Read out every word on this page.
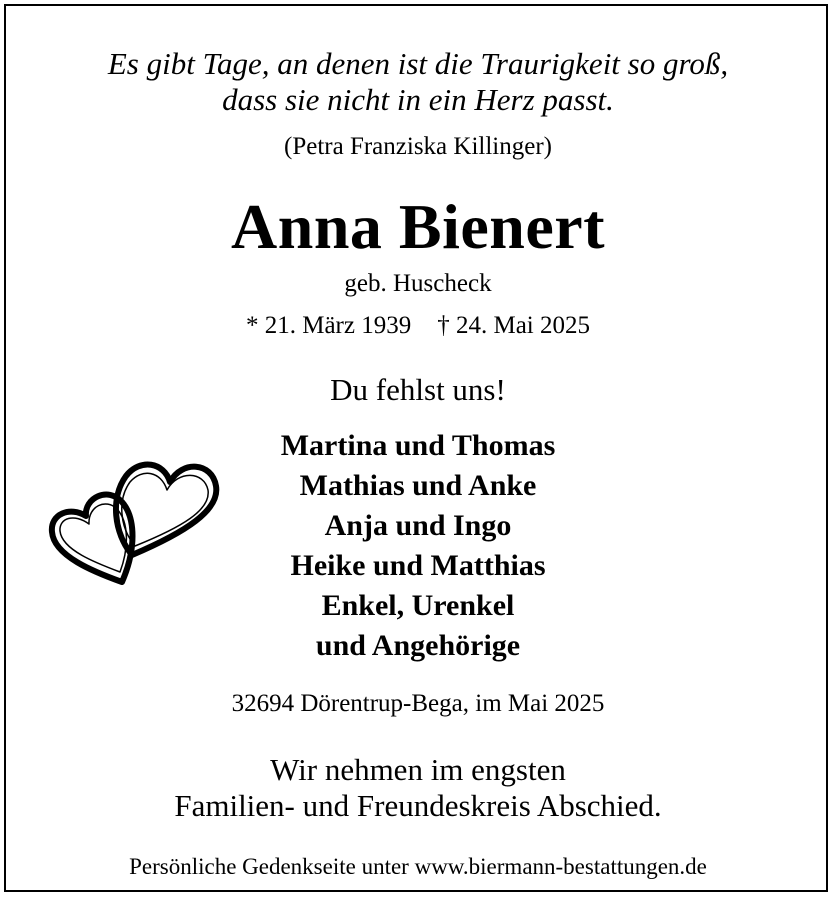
Es gibt Tage, an denen ist die Traurigkeit so groß,
dass sie nicht in ein Herz passt.
(Petra Franziska Killinger)
Anna Bienert
geb. Huscheck
* 21. März 1939 † 24. Mai 2025
Du fehlst uns!
Martina und Thomas
Mathias und Anke
Anja und Ingo
Heike und Matthias
Enkel, Urenkel
und Angehörige
32694 Dörentrup-Bega, im Mai 2025
Wir nehmen im engsten
Familien- und Freundeskreis Abschied.
Persönliche Gedenkseite unter www.biermann-bestattungen.de
